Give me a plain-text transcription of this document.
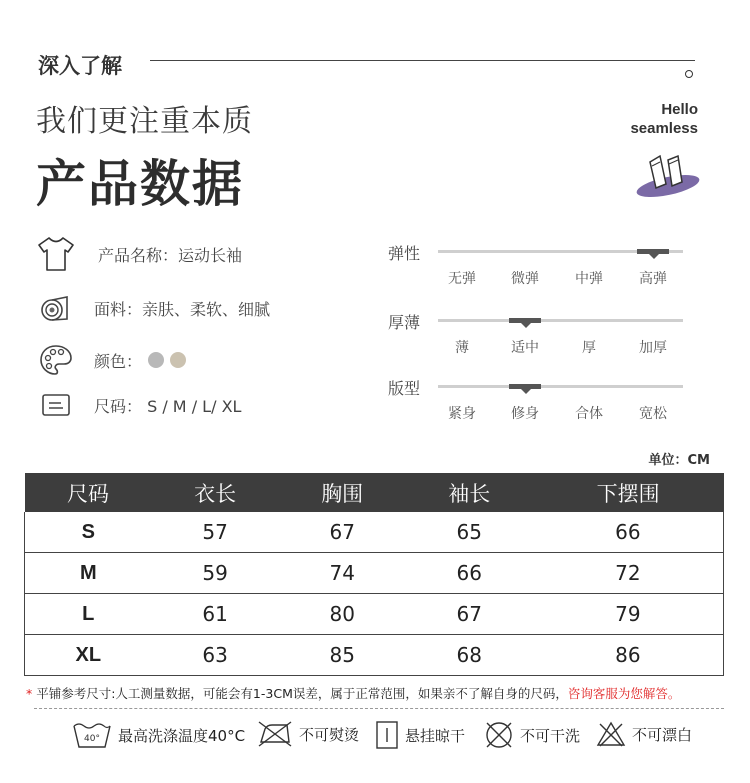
深入了解
我们更注重本质
产品数据
Hello
seamless
产品名称：运动长袖
面料：亲肤、柔软、细腻
颜色：
尺码： S / M / L/ XL
弹性
无弹	微弹	中弹	高弹
厚薄
薄	适中	厚	加厚
版型
紧身	修身	合体	宽松
单位：CM
尺码	衣长	胸围	袖长	下摆围
S	57	67	65	66
M	59	74	66	72
L	61	80	67	79
XL	63	85	68	86
* 平铺参考尺寸:人工测量数据，可能会有1-3CM误差，属于正常范围，如果亲不了解自身的尺码，咨询客服为您解答。
40° 最高洗涤温度40°C	不可熨烫	悬挂晾干	不可干洗	不可漂白
